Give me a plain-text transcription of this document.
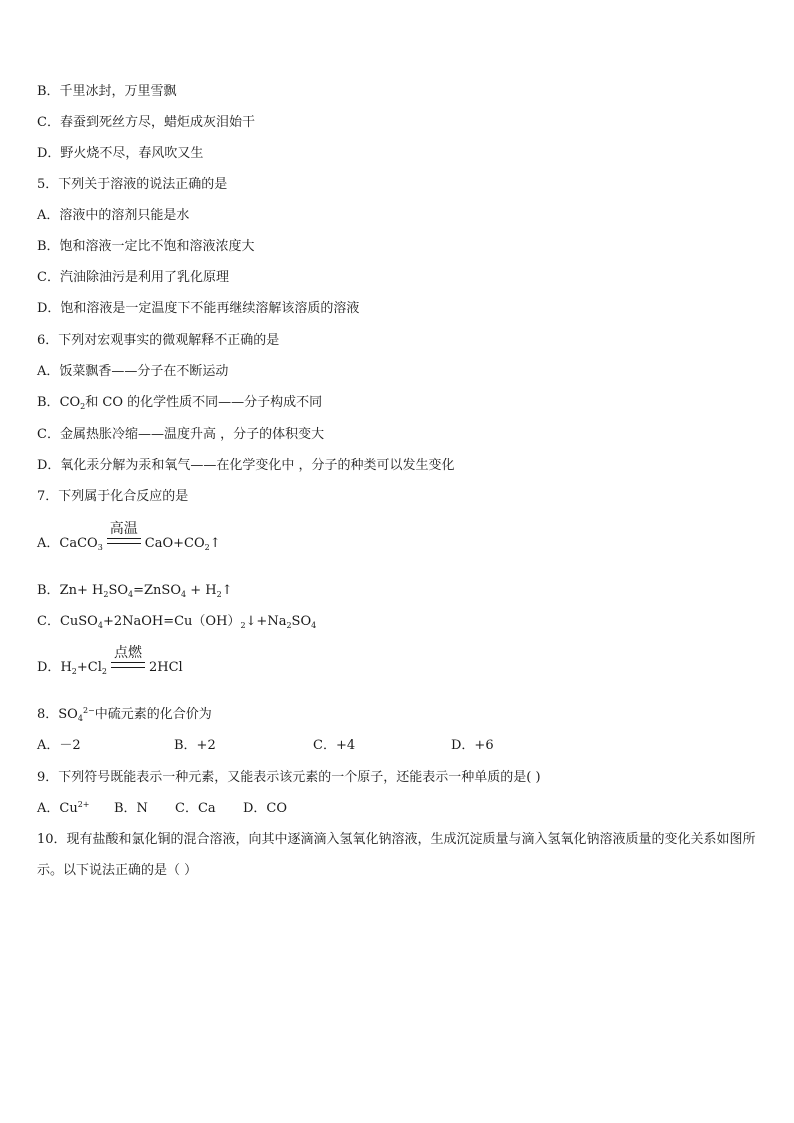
B．千里冰封，万里雪飘
C．春蚕到死丝方尽，蜡炬成灰泪始干
D．野火烧不尽，春风吹又生
5．下列关于溶液的说法正确的是
A．溶液中的溶剂只能是水
B．饱和溶液一定比不饱和溶液浓度大
C．汽油除油污是利用了乳化原理
D．饱和溶液是一定温度下不能再继续溶解该溶质的溶液
6．下列对宏观事实的微观解释不正确的是
A．饭菜飘香——分子在不断运动
B．$CO_2$和 CO 的化学性质不同——分子构成不同
C．金属热胀冷缩——温度升高 ，分子的体积变大
D．氧化汞分解为汞和氧气——在化学变化中 ，分子的种类可以发生变化
7．下列属于化合反应的是
A．CaCO$_3$
高温
$CaO+CO_2↑$
B．$Zn+ H_2SO_4=ZnSO_4$ + $H_2↑$
C．$CuSO_4+2NaOH=Cu(OH)_2↓+Na_2SO_4$
D．$H_2+Cl_2$
点燃
2HCl
8．$SO_4^{2-}$中硫元素的化合价为
A．－2	B．+2	C．+4	D．+6
9．下列符号既能表示一种元素，又能表示该元素的一个原子，还能表示一种单质的是( )
A．$Cu^{2+}$ B．N C．Ca D．CO
10．现有盐酸和氯化铜的混合溶液，向其中逐滴滴入氢氧化钠溶液，生成沉淀质量与滴入氢氧化钠溶液质量的变化关系如图所示。以下说法正确的是（ ）
